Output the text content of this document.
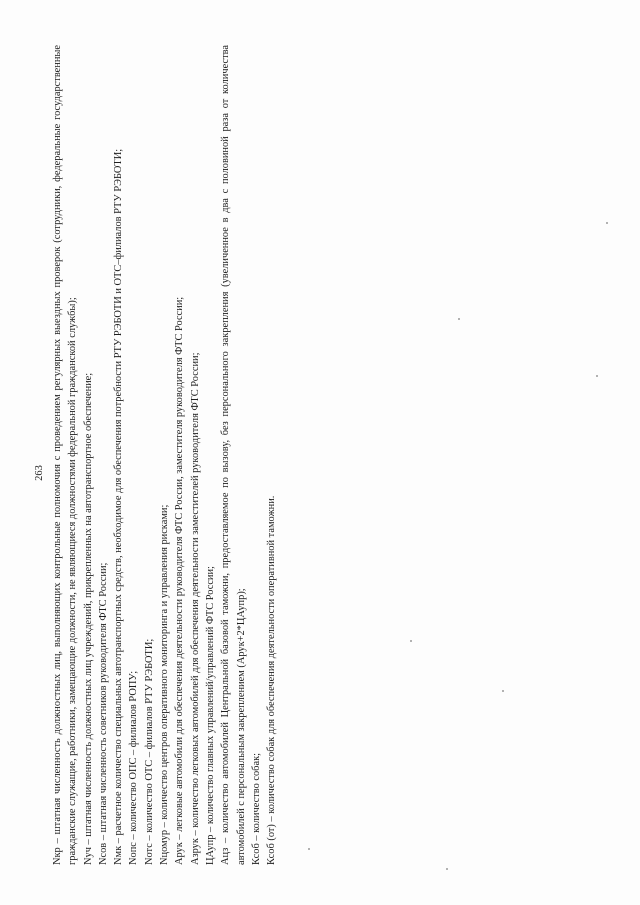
263 Nкр – штатная численность должностных лиц, выполняющих контрольные полномочия с проведением регулярных выездных проверок (сотрудники, федеральные государственные гражданские служащие, работники, замещающие должности, не являющиеся должностями федеральной гражданской службы); Nуч – штатная численность должностных лиц учреждений, прикрепленных на автотранспортное обеспечение; Nсов – штатная численность советников руководителя ФТС России; Nмк – расчетное количество специальных автотранспортных средств, необходимое для обеспечения потребности РТУ РЭБОТИ и ОТС–филиалов РТУ РЭБОТИ; Nопс – количество ОПС – филиалов РОПУ; Nотс – количество ОТС – филиалов РТУ РЭБОТИ; Nцомур – количество центров оперативного мониторинга и управления рисками; Арук – легковые автомобили для обеспечения деятельности руководителя ФТС России, заместителя руководителя ФТС России; Азрук – количество легковых автомобилей для обеспечения деятельности заместителей руководителя ФТС России; ЦАупр – количество главных управлений/управлений ФТС России; Ацз – количество автомобилей Центральной базовой таможни, предоставляемое по вызову, без персонального закрепления (увеличенное в два с половиной раза от количества автомобилей с персональным закреплением (Арук+2*ЦАупр); Ксоб – количество собак; Ксоб (от) – количество собак для обеспечения деятельности оперативной таможни.
